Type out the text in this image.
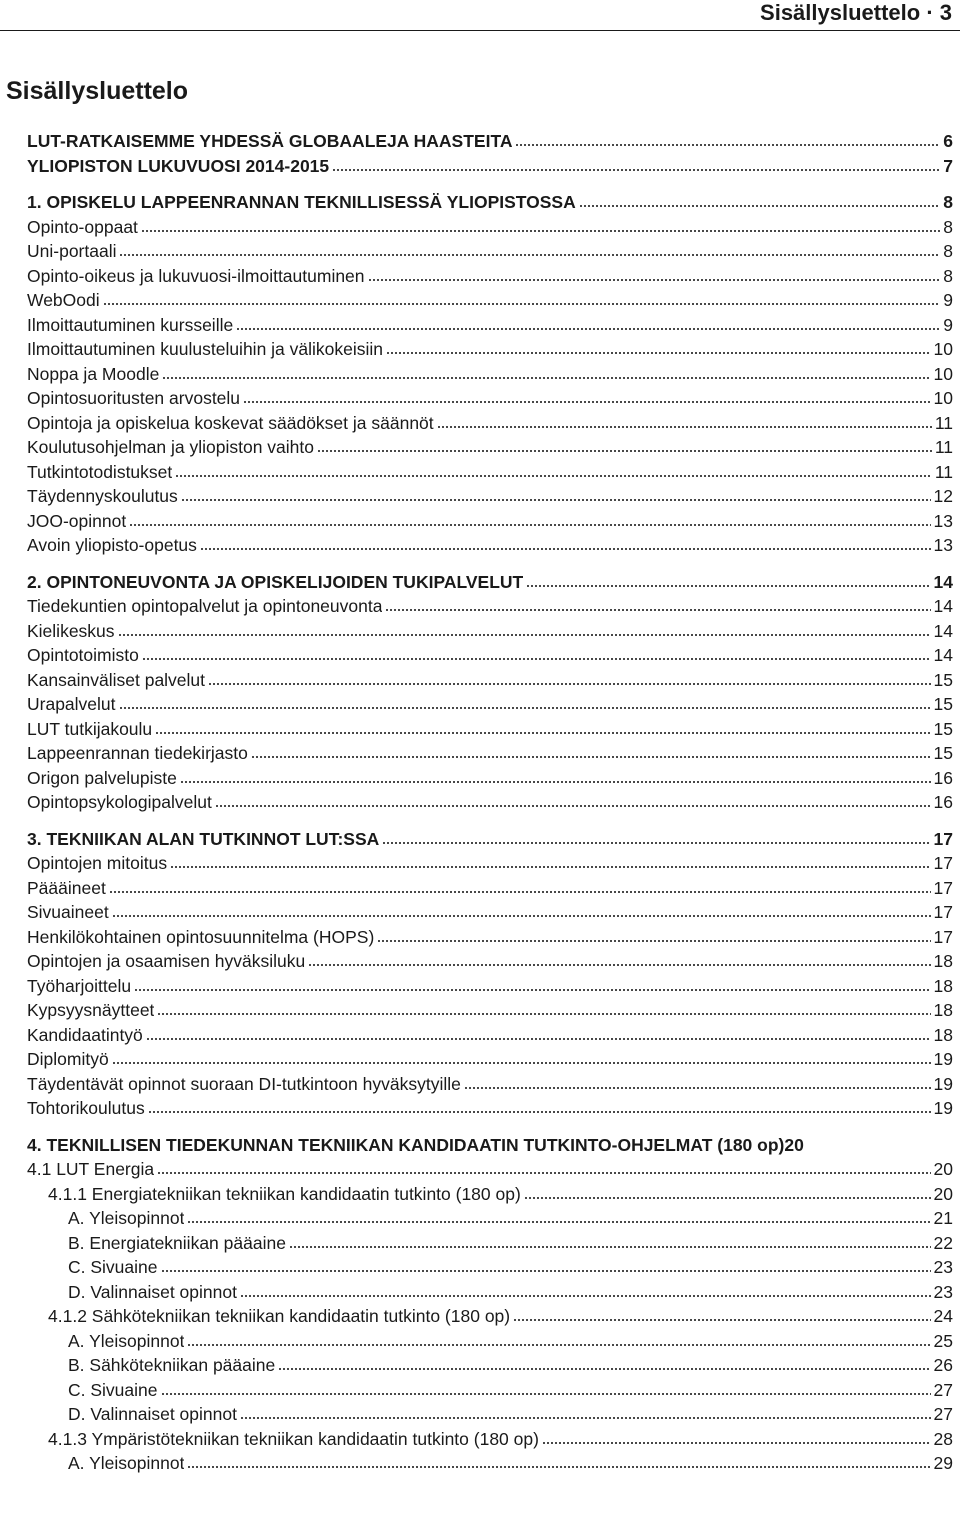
Sisällysluettelo · 3
Sisällysluettelo
LUT-RATKAISEMME YHDESSÄ GLOBAALEJA HAASTEITA	6
YLIOPISTON LUKUVUOSI 2014-2015	7
1. OPISKELU LAPPEENRANNAN TEKNILLISESSÄ YLIOPISTOSSA	8
Opinto-oppaat	8
Uni-portaali	8
Opinto-oikeus ja lukuvuosi-ilmoittautuminen	8
WebOodi	9
Ilmoittautuminen kursseille	9
Ilmoittautuminen kuulusteluihin ja välikokeisiin	10
Noppa ja Moodle	10
Opintosuoritusten arvostelu	10
Opintoja ja opiskelua koskevat säädökset ja säännöt	11
Koulutusohjelman ja yliopiston vaihto	11
Tutkintotodistukset	11
Täydennyskoulutus	12
JOO-opinnot	13
Avoin yliopisto-opetus	13
2. OPINTONEUVONTA JA OPISKELIJOIDEN TUKIPALVELUT	14
Tiedekuntien opintopalvelut ja opintoneuvonta	14
Kielikeskus	14
Opintotoimisto	14
Kansainväliset palvelut	15
Urapalvelut	15
LUT tutkijakoulu	15
Lappeenrannan tiedekirjasto	15
Origon palvelupiste	16
Opintopsykologipalvelut	16
3. TEKNIIKAN ALAN TUTKINNOT LUT:SSA	17
Opintojen mitoitus	17
Päääineet	17
Sivuaineet	17
Henkilökohtainen opintosuunnitelma (HOPS)	17
Opintojen ja osaamisen hyväksiluku	18
Työharjoittelu	18
Kypsyysnäytteet	18
Kandidaatintyö	18
Diplomityö	19
Täydentävät opinnot suoraan DI-tutkintoon hyväksytyille	19
Tohtorikoulutus	19
4. TEKNILLISEN TIEDEKUNNAN TEKNIIKAN KANDIDAATIN TUTKINTO-OHJELMAT (180 op) 20
4.1 LUT Energia	20
4.1.1 Energiatekniikan tekniikan kandidaatin tutkinto (180 op)	20
A. Yleisopinnot	21
B. Energiatekniikan pääaine	22
C. Sivuaine	23
D. Valinnaiset opinnot	23
4.1.2 Sähkötekniikan tekniikan kandidaatin tutkinto (180 op)	24
A. Yleisopinnot	25
B. Sähkötekniikan pääaine	26
C. Sivuaine	27
D. Valinnaiset opinnot	27
4.1.3 Ympäristötekniikan tekniikan kandidaatin tutkinto (180 op)	28
A. Yleisopinnot	29
